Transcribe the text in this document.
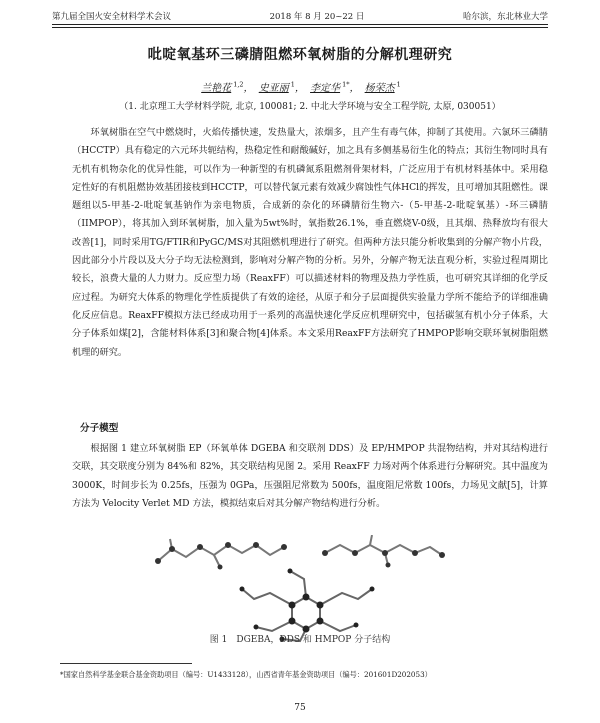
第九届全国火安全材料学术会议	2018 年 8 月 20~22 日	哈尔滨，东北林业大学
吡啶氧基环三磷腈阻燃环氧树脂的分解机理研究
兰艳花 $^{1,2}$， 史亚丽 $^1$， 李定华 $^{1*}$， 杨荣杰 $^1$
（1. 北京理工大学材料学院, 北京, 100081; 2. 中北大学环境与安全工程学院, 太原, 030051）

环氧树脂在空气中燃烧时，火焰传播快速，发热量大，浓烟多，且产生有毒气体，抑制了其使用。六氯环三磷腈（HCCTP）具有稳定的六元环共轭结构，热稳定性和耐酸碱好，加之具有多侧基易衍生化的特点；其衍生物同时具有无机有机物杂化的优异性能，可以作为一种新型的有机磷氮系阻燃剂骨架材料，广泛应用于有机材料基体中。采用稳定性好的有机阻燃协效基团接枝到HCCTP，可以替代氯元素有效减少腐蚀性气体HCl的挥发，且可增加其阻燃性。课题组以5-甲基-2-吡啶氧基钠作为亲电物质，合成新的杂化的环磷腈衍生物六-（5-甲基-2-吡啶氧基）-环三磷腈（IIMPOP），将其加入到环氧树脂，加入量为5wt%时，氧指数26.1%，垂直燃烧V-0级，且其烟、热释放均有很大改善[1]，同时采用TG/FTIR和PyGC/MS对其阻燃机理进行了研究。但两种方法只能分析收集到的分解产物小片段，因此部分小片段以及大分子均无法检测到，影响对分解产物的分析。另外，分解产物无法直观分析，实验过程周期比较长，浪费大量的人力财力。反应型力场（ReaxFF）可以描述材料的物理及热力学性质，也可研究其详细的化学反应过程。为研究大体系的物理化学性质提供了有效的途径，从原子和分子层面提供实验量力学所不能给予的详细准确化反应信息。ReaxFF模拟方法已经成功用于一系列的高温快速化学反应机理研究中，包括碳氢有机小分子体系，大分子体系如煤[2]，含能材料体系[3]和聚合物[4]体系。本文采用ReaxFF方法研究了HMPOP影响交联环氧树脂阻燃机理的研究。

分子模型

根据图 1 建立环氧树脂 EP（环氧单体 DGEBA 和交联剂 DDS）及 EP/HMPOP 共混物结构，并对其结构进行交联，其交联度分别为 84%和 82%，其交联结构见图 2。采用 ReaxFF 力场对两个体系进行分解研究。其中温度为 3000K，时间步长为 0.25fs，压强为 0GPa，压强阻尼常数为 500fs，温度阻尼常数 100fs，力场见文献[5]，计算方法为 Velocity Verlet MD 方法，模拟结束后对其分解产物结构进行分析。

图 1　DGEBA，DDS 和 HMPOP 分子结构
*国家自然科学基金联合基金资助项目（编号：U1433128），山西省青年基金资助项目（编号：201601D202053）
75
